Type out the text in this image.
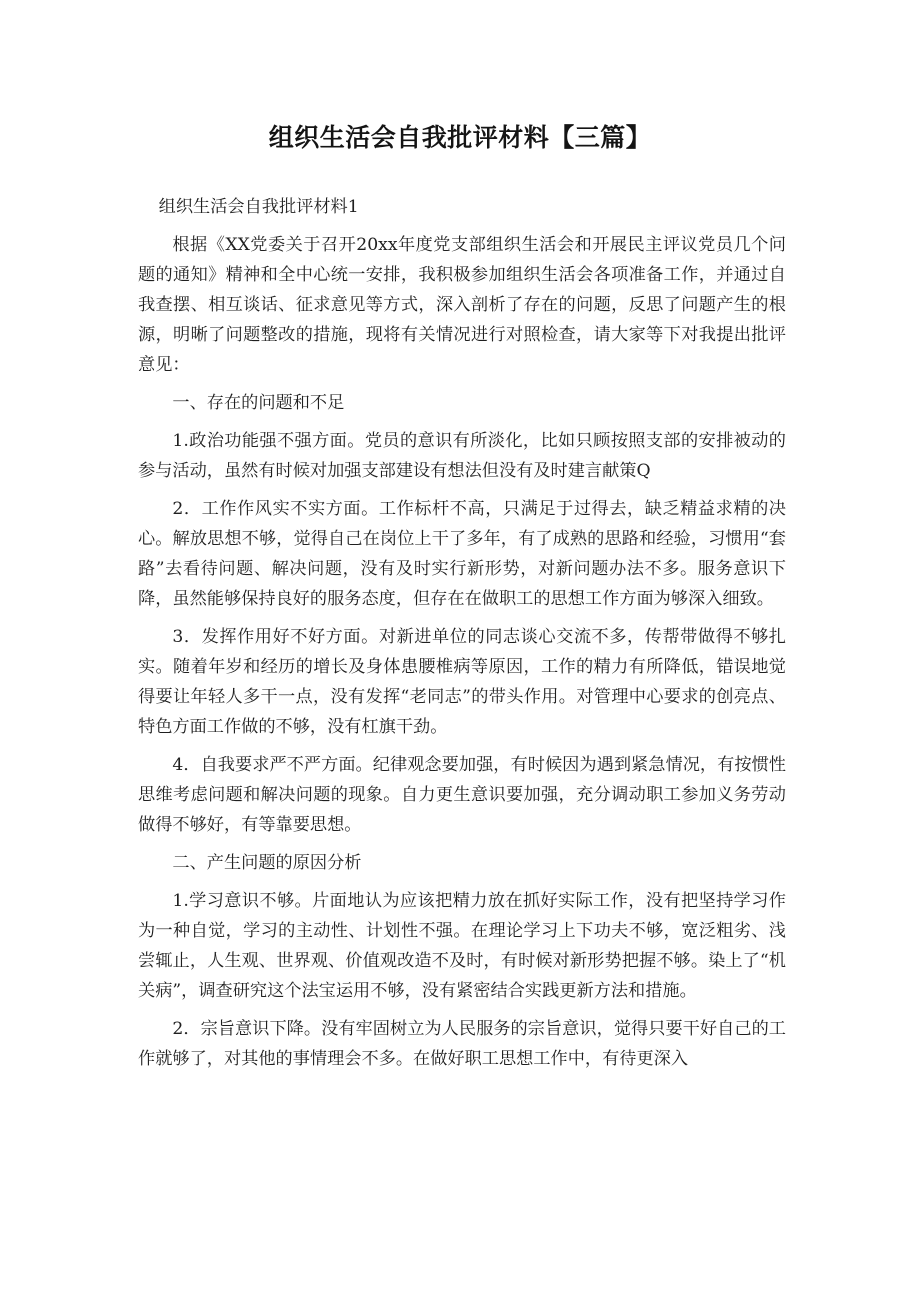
组织生活会自我批评材料【三篇】

组织生活会自我批评材料1

根据《XX党委关于召开20xx年度党支部组织生活会和开展民主评议党员几个问题的通知》精神和全中心统一安排，我积极参加组织生活会各项准备工作，并通过自我查摆、相互谈话、征求意见等方式，深入剖析了存在的问题，反思了问题产生的根源，明晰了问题整改的措施，现将有关情况进行对照检查，请大家等下对我提出批评意见：

一、存在的问题和不足

1.政治功能强不强方面。党员的意识有所淡化，比如只顾按照支部的安排被动的参与活动，虽然有时候对加强支部建设有想法但没有及时建言献策Q

2．工作作风实不实方面。工作标杆不高，只满足于过得去，缺乏精益求精的决心。解放思想不够，觉得自己在岗位上干了多年，有了成熟的思路和经验，习惯用“套路”去看待问题、解决问题，没有及时实行新形势，对新问题办法不多。服务意识下降，虽然能够保持良好的服务态度，但存在在做职工的思想工作方面为够深入细致。

3．发挥作用好不好方面。对新进单位的同志谈心交流不多，传帮带做得不够扎实。随着年岁和经历的增长及身体患腰椎病等原因，工作的精力有所降低，错误地觉得要让年轻人多干一点，没有发挥“老同志”的带头作用。对管理中心要求的创亮点、特色方面工作做的不够，没有杠旗干劲。

4．自我要求严不严方面。纪律观念要加强，有时候因为遇到紧急情况，有按惯性思维考虑问题和解决问题的现象。自力更生意识要加强，充分调动职工参加义务劳动做得不够好，有等靠要思想。

二、产生问题的原因分析

1.学习意识不够。片面地认为应该把精力放在抓好实际工作，没有把坚持学习作为一种自觉，学习的主动性、计划性不强。在理论学习上下功夫不够，宽泛粗劣、浅尝辄止，人生观、世界观、价值观改造不及时，有时候对新形势把握不够。染上了“机关病”，调查研究这个法宝运用不够，没有紧密结合实践更新方法和措施。

2．宗旨意识下降。没有牢固树立为人民服务的宗旨意识，觉得只要干好自己的工作就够了，对其他的事情理会不多。在做好职工思想工作中，有待更深入
